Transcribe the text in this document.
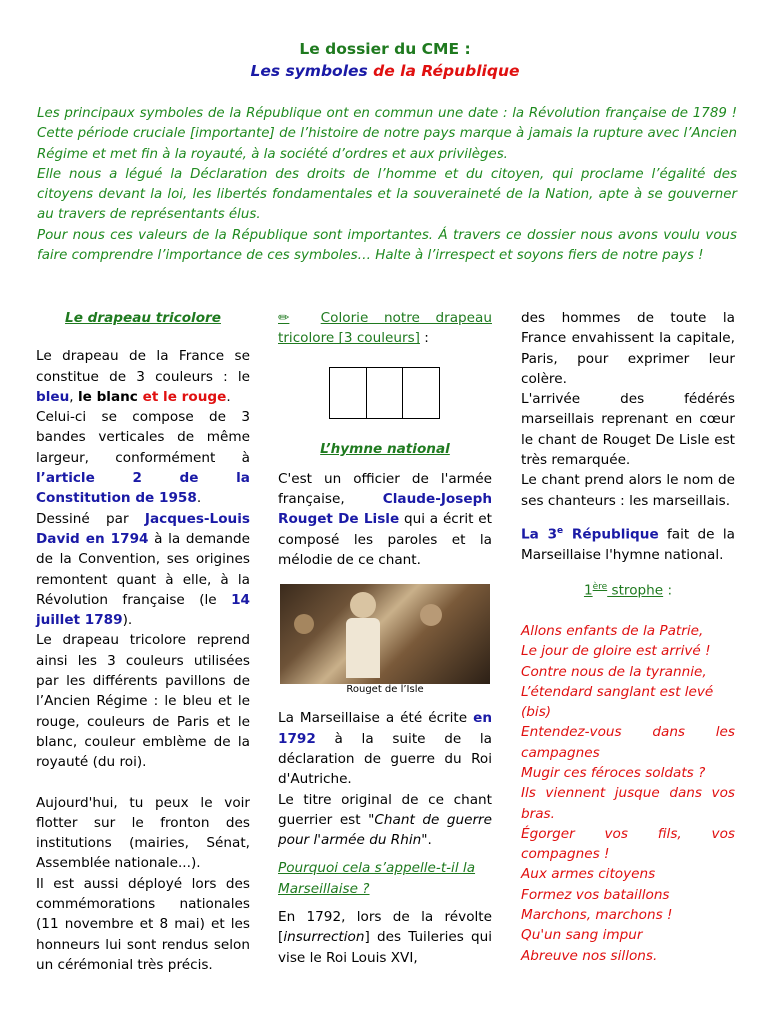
Le dossier du CME :
Les symboles de la République

Les principaux symboles de la République ont en commun une date : la Révolution française de 1789 ! Cette période cruciale [importante] de l’histoire de notre pays marque à jamais la rupture avec l’Ancien Régime et met fin à la royauté, à la société d’ordres et aux privilèges.

Elle nous a légué la Déclaration des droits de l’homme et du citoyen, qui proclame l’égalité des citoyens devant la loi, les libertés fondamentales et la souveraineté de la Nation, apte à se gouverner au travers de représentants élus.

Pour nous ces valeurs de la République sont importantes. Á travers ce dossier nous avons voulu vous faire comprendre l’importance de ces symboles… Halte à l’irrespect et soyons fiers de notre pays !

Le drapeau tricolore

Le drapeau de la France se constitue de 3 couleurs : le bleu, le blanc et le rouge.

Celui-ci se compose de 3 bandes verticales de même largeur, conformément à l’article 2 de la Constitution de 1958.

Dessiné par Jacques-Louis David en 1794 à la demande de la Convention, ses origines remontent quant à elle, à la Révolution française (le 14 juillet 1789).

Le drapeau tricolore reprend ainsi les 3 couleurs utilisées par les différents pavillons de l’Ancien Régime : le bleu et le rouge, couleurs de Paris et le blanc, couleur emblème de la royauté (du roi).

Aujourd'hui, tu peux le voir flotter sur le fronton des institutions (mairies, Sénat, Assemblée nationale...).

Il est aussi déployé lors des commémorations nationales (11 novembre et 8 mai) et les honneurs lui sont rendus selon un cérémonial très précis.

✏ Colorie notre drapeau tricolore [3 couleurs] :

L’hymne national

C'est un officier de l'armée française, Claude-Joseph Rouget De Lisle qui a écrit et composé les paroles et la mélodie de ce chant.

Rouget de l’Isle

La Marseillaise a été écrite en 1792 à la suite de la déclaration de guerre du Roi d'Autriche.

Le titre original de ce chant guerrier est "Chant de guerre pour l'armée du Rhin".

Pourquoi cela s’appelle-t-il la Marseillaise ?

En 1792, lors de la révolte [insurrection] des Tuileries qui vise le Roi Louis XVI,

des hommes de toute la France envahissent la capitale, Paris, pour exprimer leur colère.

L'arrivée des fédérés marseillais reprenant en cœur le chant de Rouget De Lisle est très remarquée.

Le chant prend alors le nom de ses chanteurs : les marseillais.

La 3e République fait de la Marseillaise l'hymne national.

1ère strophe :

Allons enfants de la Patrie,

Le jour de gloire est arrivé !

Contre nous de la tyrannie,

L’étendard sanglant est levé (bis)

Entendez-vous dans les campagnes

Mugir ces féroces soldats ?

Ils viennent jusque dans vos bras.

Égorger vos fils, vos compagnes !

Aux armes citoyens

Formez vos bataillons

Marchons, marchons !

Qu'un sang impur

Abreuve nos sillons.
